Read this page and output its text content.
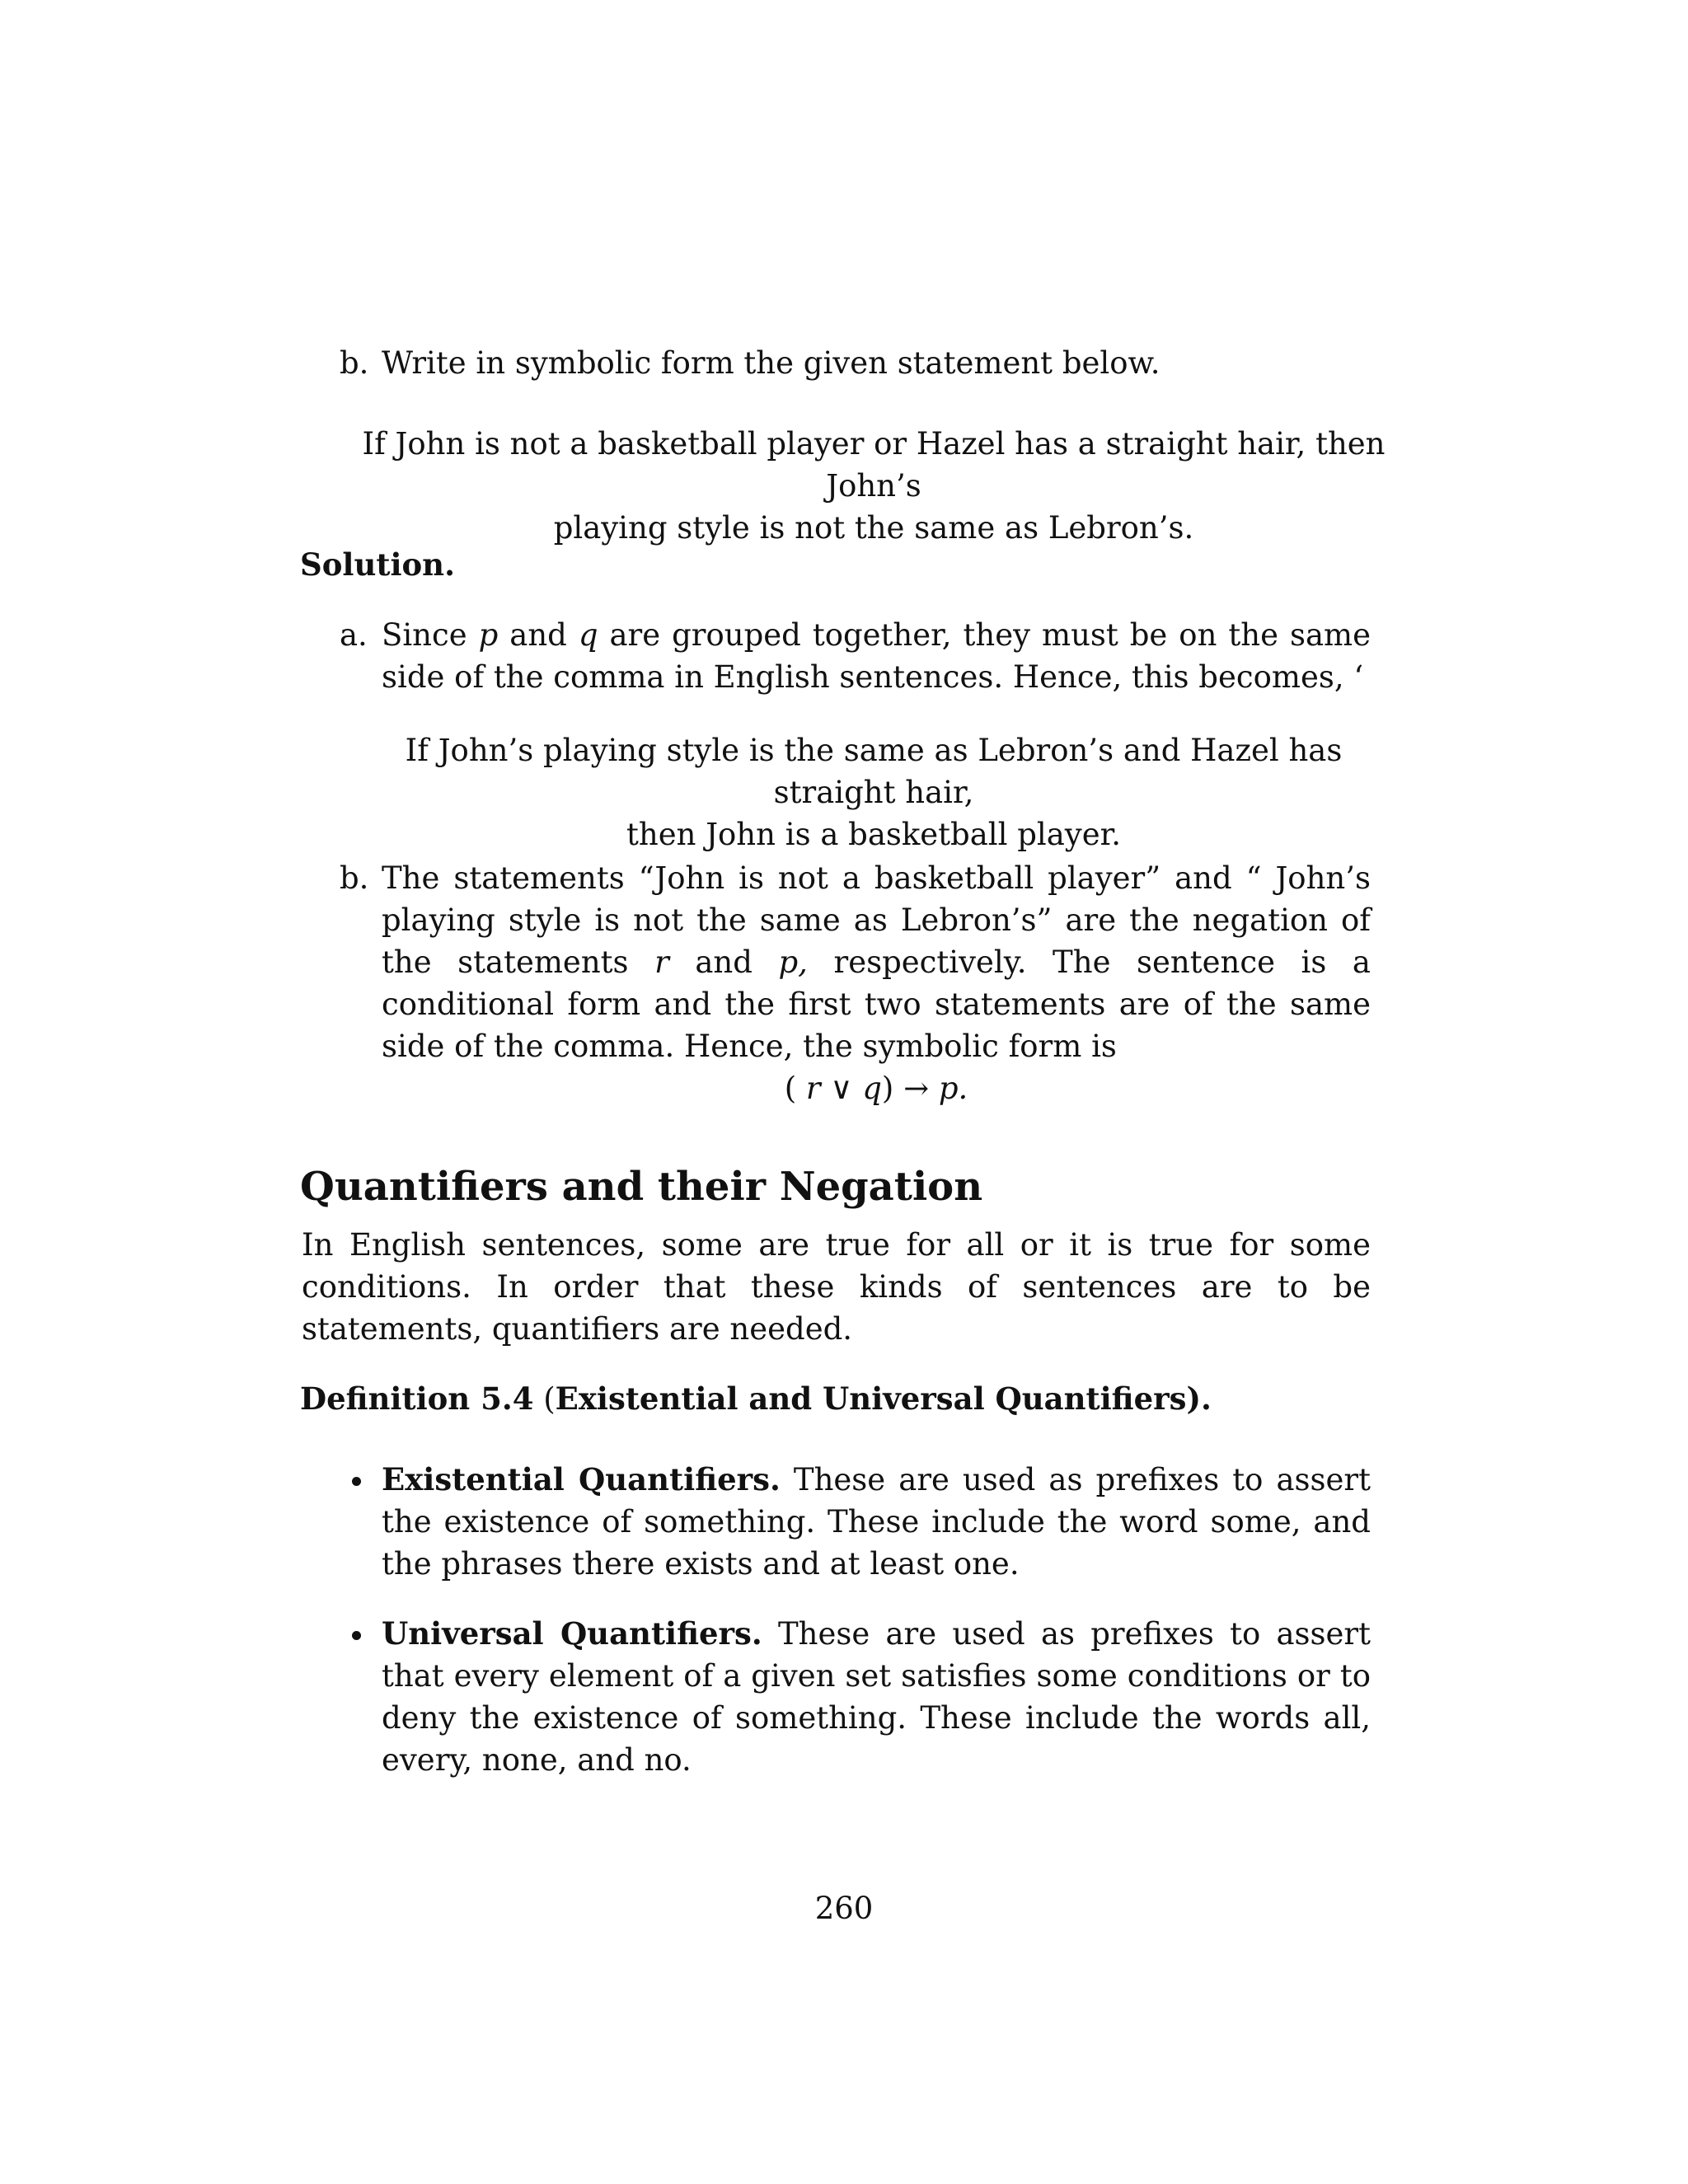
b. Write in symbolic form the given statement below.
If John is not a basketball player or Hazel has a straight hair, then John’s
playing style is not the same as Lebron’s.
Solution.
a. Since p and q are grouped together, they must be on the same side of the comma in English sentences. Hence, this becomes, ‘
If John’s playing style is the same as Lebron’s and Hazel has straight hair,
then John is a basketball player.
b. The statements “John is not a basketball player” and “ John’s playing style is not the same as Lebron’s” are the negation of the statements r and p, respectively. The sentence is a conditional form and the first two statements are of the same side of the comma. Hence, the symbolic form is
( r ∨ q) → p.
Quantifiers and their Negation
In English sentences, some are true for all or it is true for some conditions. In order that these kinds of sentences are to be statements, quantifiers are needed.
Definition 5.4 (Existential and Universal Quantifiers).
Existential Quantifiers. These are used as prefixes to assert the existence of something. These include the word some, and the phrases there exists and at least one.
Universal Quantifiers. These are used as prefixes to assert that every element of a given set satisfies some conditions or to deny the existence of something. These include the words all, every, none, and no.
260
